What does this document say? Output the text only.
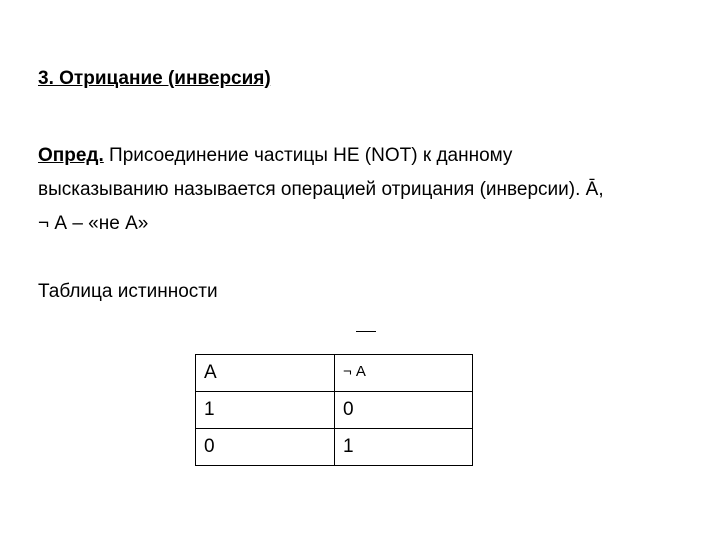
3. Отрицание (инверсия)
Опред. Присоединение частицы НЕ (NOT) к данному
высказыванию называется операцией отрицания (инверсии). Ā,
¬ А – «не А»
Таблица истинности
А	¬ А
1	0
0	1
